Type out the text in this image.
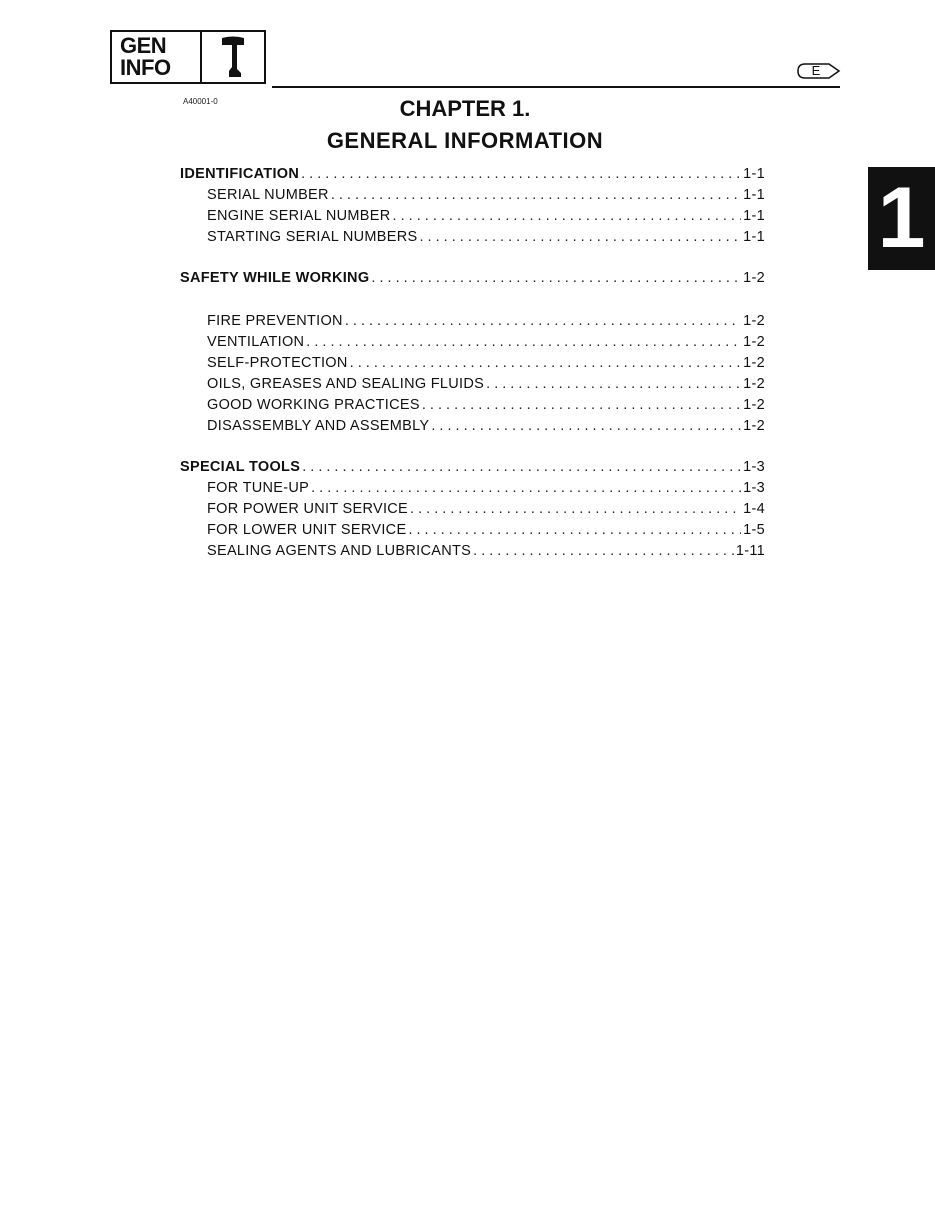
GEN
INFO	E
A40001-0	CHAPTER 1.
GENERAL INFORMATION
1
IDENTIFICATION . . .	1-1
SERIAL NUMBER . . .	1-1
ENGINE SERIAL NUMBER . . .	1-1
STARTING SERIAL NUMBERS . . .	1-1
SAFETY WHILE WORKING . . .	1-2
FIRE PREVENTION . . .	1-2
VENTILATION . . .	1-2
SELF-PROTECTION . . .	1-2
OILS, GREASES AND SEALING FLUIDS . . .	1-2
GOOD WORKING PRACTICES . . .	1-2
DISASSEMBLY AND ASSEMBLY . . .	1-2
SPECIAL TOOLS . . .	1-3
FOR TUNE-UP . . .	1-3
FOR POWER UNIT SERVICE . . .	1-4
FOR LOWER UNIT SERVICE . . .	1-5
SEALING AGENTS AND LUBRICANTS . . .	1-11
